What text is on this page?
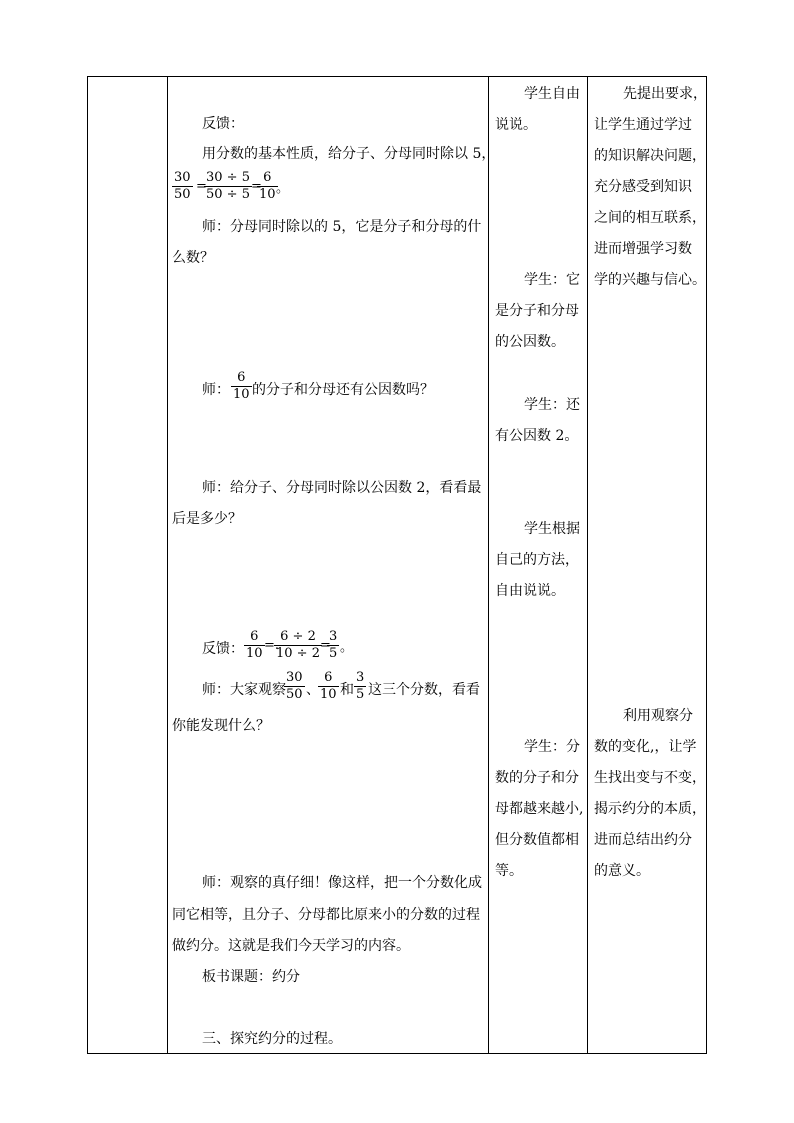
反馈：
用分数的基本性质，给分子、分母同时除以 5，
30
50
=
30 ÷ 5
50 ÷ 5
=
6
10 。
师：分母同时除以的 5，它是分子和分母的什
么数？
师：
6
10 的分子和分母还有公因数吗？
师：给分子、分母同时除以公因数 2，看看最
后是多少？
反馈：
6
10
=.
6 ÷ 2
10 ÷ 2
=
3
5 。
师：大家观察
30
50 、
6
10 和
3
5 这三个分数，看看
你能发现什么？
师：观察的真仔细！像这样，把一个分数化成
同它相等，且分子、分母都比原来小的分数的过程
做约分。这就是我们今天学习的内容。
板书课题：约分
三、探究约分的过程。
学生自由
说说。
学生：它
是分子和分母
的公因数。
学生：还
有公因数 2。
学生根据
自己的方法，
自由说说。
学生：分
数的分子和分
母都越来越小,
但分数值都相
等。
先提出要求，
让学生通过学过
的知识解决问题，
充分感受到知识
之间的相互联系，
进而增强学习数
学的兴趣与信心。
利用观察分
数的变化,，让学
生找出变与不变，
揭示约分的本质，
进而总结出约分
的意义。
